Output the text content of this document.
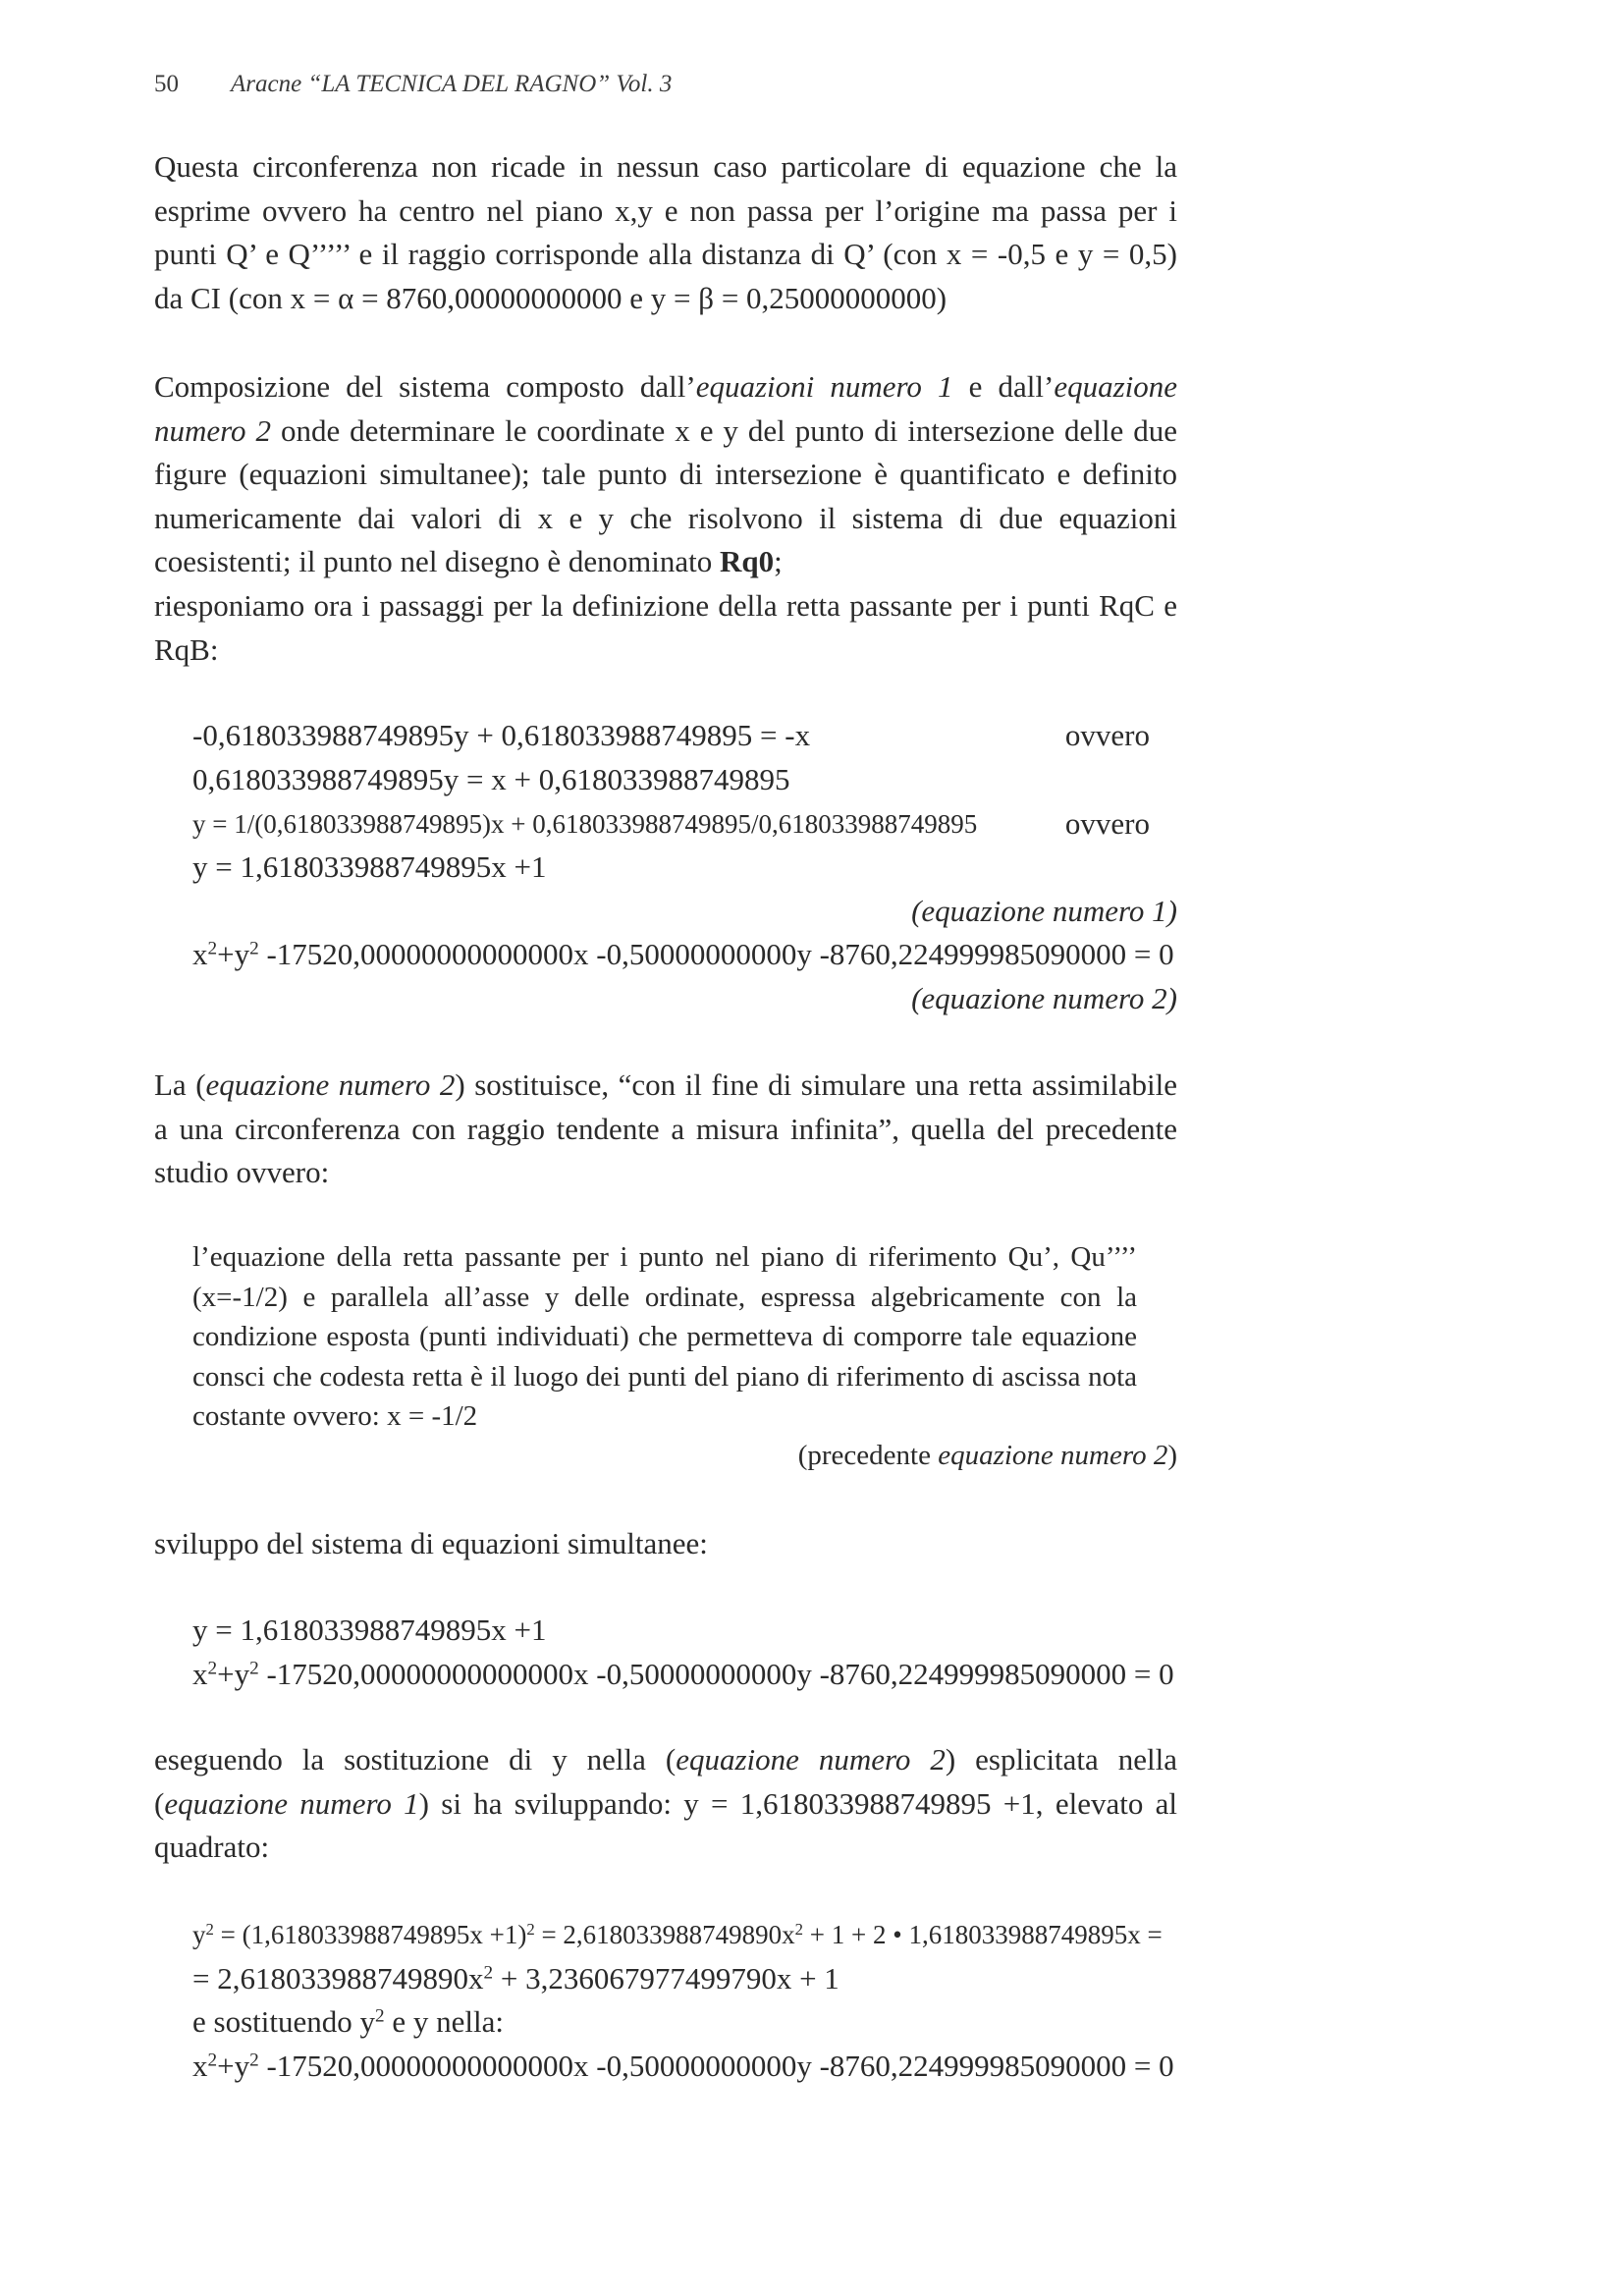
50 Aracne “LA TECNICA DEL RAGNO” Vol. 3

Questa circonferenza non ricade in nessun caso particolare di equazione che la esprime ovvero ha centro nel piano x,y e non passa per l’origine ma passa per i punti Q’ e Q’’’’’ e il raggio corrisponde alla distanza di Q’ (con x = -0,5 e y = 0,5) da CI (con x = α = 8760,00000000000 e y = β = 0,25000000000)

Composizione del sistema composto dall’equazioni numero 1 e dall’equazione numero 2 onde determinare le coordinate x e y del punto di intersezione delle due figure (equazioni simultanee); tale punto di intersezione è quantificato e definito numericamente dai valori di x e y che risolvono il sistema di due equazioni coesistenti; il punto nel disegno è denominato Rq0;

riesponiamo ora i passaggi per la definizione della retta passante per i punti RqC e RqB:

-0,618033988749895y + 0,618033988749895 = -x	ovvero
0,618033988749895y = x + 0,618033988749895
y = 1/(0,618033988749895)x + 0,618033988749895/0,618033988749895	ovvero
y = 1,618033988749895x +1
(equazione numero 1)
$x^2+y^2$ -17520,00000000000000x -0,50000000000y -8760,224999985090000 = 0
(equazione numero 2)

La (equazione numero 2) sostituisce, “con il fine di simulare una retta assimilabile a una circonferenza con raggio tendente a misura infinita”, quella del precedente studio ovvero:

l’equazione della retta passante per i punto nel piano di riferimento Qu’, Qu’’’’ (x=-1/2) e parallela all’asse y delle ordinate, espressa algebricamente con la condizione esposta (punti individuati) che permetteva di comporre tale equazione consci che codesta retta è il luogo dei punti del piano di riferimento di ascissa nota costante ovvero: x = -1/2

(precedente equazione numero 2)

sviluppo del sistema di equazioni simultanee:

y = 1,618033988749895x +1
$x^2+y^2$ -17520,00000000000000x -0,50000000000y -8760,224999985090000 = 0

eseguendo la sostituzione di y nella (equazione numero 2) esplicitata nella (equazione numero 1) si ha sviluppando: y = 1,618033988749895 +1, elevato al quadrato:

$y^2 = (1,618033988749895x +1)^2 = 2,618033988749890x^2 + 1 + 2$ • 1,618033988749895x =
= $2,618033988749890x^2 + 3,236067977499790x + 1$
e sostituendo $y^2$ e y nella:
$x^2+y^2$ -17520,00000000000000x -0,50000000000y -8760,224999985090000 = 0
